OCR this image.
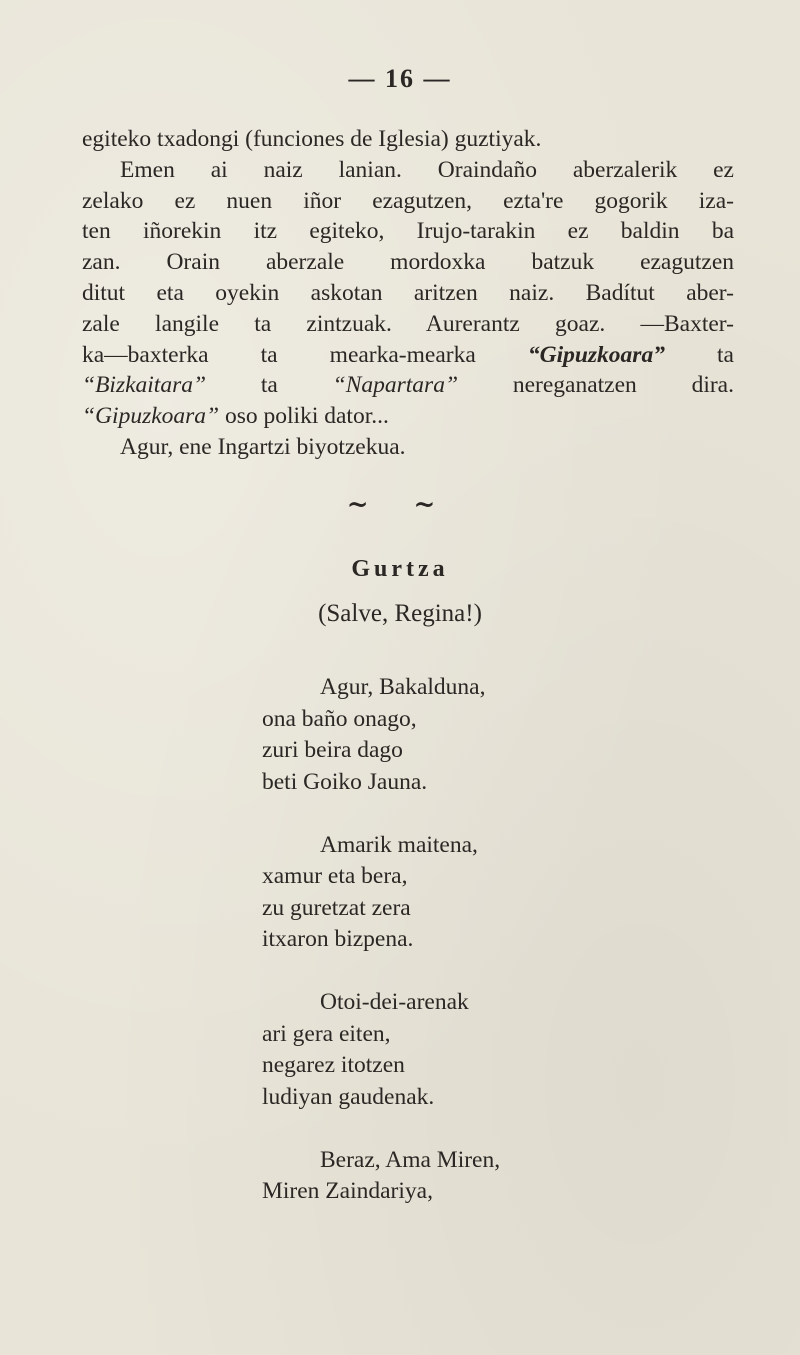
— 16 —
egiteko txadongi (funciones de Iglesia) guztiyak.
Emen ai naiz lanian. Oraindaño aberzalerik ez
zelako ez nuen iñor ezagutzen, ezta're gogorik iza-
ten iñorekin itz egiteko, Irujo-tarakin ez baldin ba
zan. Orain aberzale mordoxka batzuk ezagutzen
ditut eta oyekin askotan aritzen naiz. Badítut aber-
zale langile ta zintzuak. Aurerantz goaz. —Baxter-
ka—baxterka ta mearka-mearka “Gipuzkoara” ta
“Bizkaitara” ta “Napartara” nereganatzen dira.
“Gipuzkoara” oso poliki dator...
Agur, ene Ingartzi biyotzekua.
~ ~
Gurtza
(Salve, Regina!)
Agur, Bakalduna,
ona baño onago,
zuri beira dago
beti Goiko Jauna.
Amarik maitena,
xamur eta bera,
zu guretzat zera
itxaron bizpena.
Otoi-dei-arenak
ari gera eiten,
negarez itotzen
ludiyan gaudenak.
Beraz, Ama Miren,
Miren Zaindariya,
